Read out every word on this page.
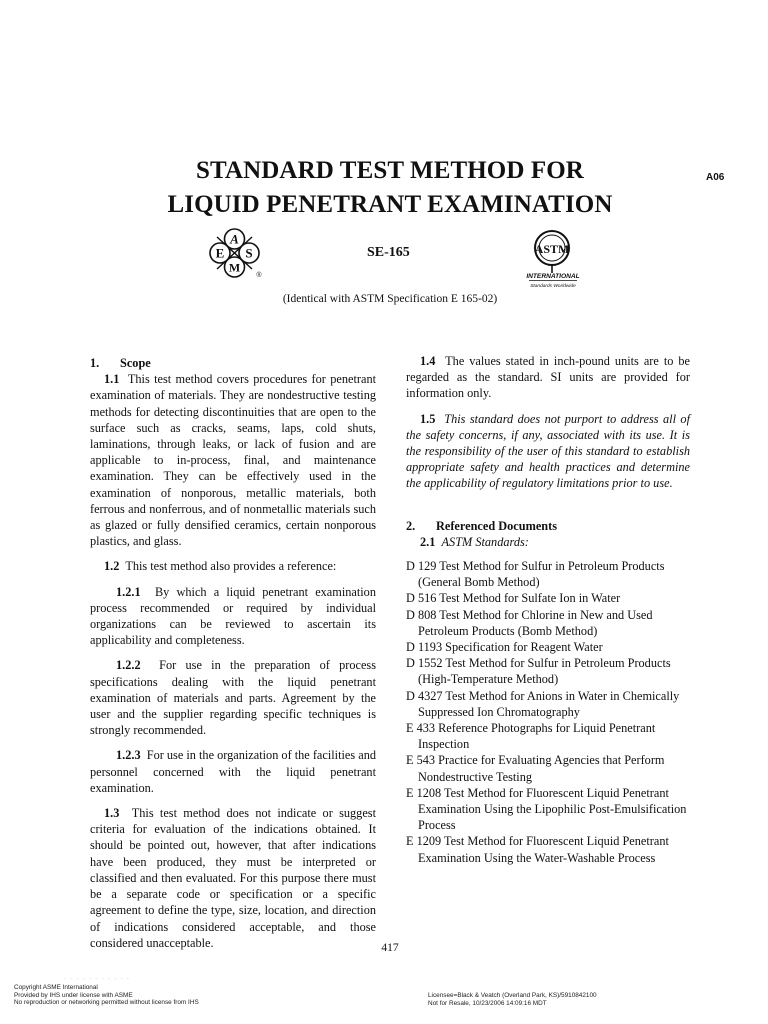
STANDARD TEST METHOD FOR
LIQUID PENETRANT EXAMINATION
A06
A
S
M
E
®
SE-165	ASTM
INTERNATIONAL
Standards Worldwide
(Identical with ASTM Specification E 165-02)

1. Scope

1.1 This test method covers procedures for penetrant examination of materials. They are nondestructive testing methods for detecting discontinuities that are open to the surface such as cracks, seams, laps, cold shuts, laminations, through leaks, or lack of fusion and are applicable to in-process, final, and maintenance examination. They can be effectively used in the examination of nonporous, metallic materials, both ferrous and nonferrous, and of nonmetallic materials such as glazed or fully densified ceramics, certain nonporous plastics, and glass.

1.2 This test method also provides a reference:

1.2.1 By which a liquid penetrant examination process recommended or required by individual organizations can be reviewed to ascertain its applicability and completeness.

1.2.2 For use in the preparation of process specifications dealing with the liquid penetrant examination of materials and parts. Agreement by the user and the supplier regarding specific techniques is strongly recommended.

1.2.3 For use in the organization of the facilities and personnel concerned with the liquid penetrant examination.

1.3 This test method does not indicate or suggest criteria for evaluation of the indications obtained. It should be pointed out, however, that after indications have been produced, they must be interpreted or classified and then evaluated. For this purpose there must be a separate code or specification or a specific agreement to define the type, size, location, and direction of indications considered acceptable, and those considered unacceptable.

1.4 The values stated in inch-pound units are to be regarded as the standard. SI units are provided for information only.

1.5 This standard does not purport to address all of the safety concerns, if any, associated with its use. It is the responsibility of the user of this standard to establish appropriate safety and health practices and determine the applicability of regulatory limitations prior to use.

2. Referenced Documents

2.1 ASTM Standards:

D 129 Test Method for Sulfur in Petroleum Products (General Bomb Method)

D 516 Test Method for Sulfate Ion in Water

D 808 Test Method for Chlorine in New and Used Petroleum Products (Bomb Method)

D 1193 Specification for Reagent Water

D 1552 Test Method for Sulfur in Petroleum Products (High-Temperature Method)

D 4327 Test Method for Anions in Water in Chemically Suppressed Ion Chromatography

E 433 Reference Photographs for Liquid Penetrant Inspection

E 543 Practice for Evaluating Agencies that Perform Nondestructive Testing

E 1208 Test Method for Fluorescent Liquid Penetrant Examination Using the Lipophilic Post-Emulsification Process

E 1209 Test Method for Fluorescent Liquid Penetrant Examination Using the Water-Washable Process

417
- - - - - - - - - - -
Copyright ASME International
Provided by IHS under license with ASME
No reproduction or networking permitted without license from IHS
Licensee=Black & Veatch (Overland Park, KS)/5910842100
Not for Resale, 10/23/2006 14:09:16 MDT
